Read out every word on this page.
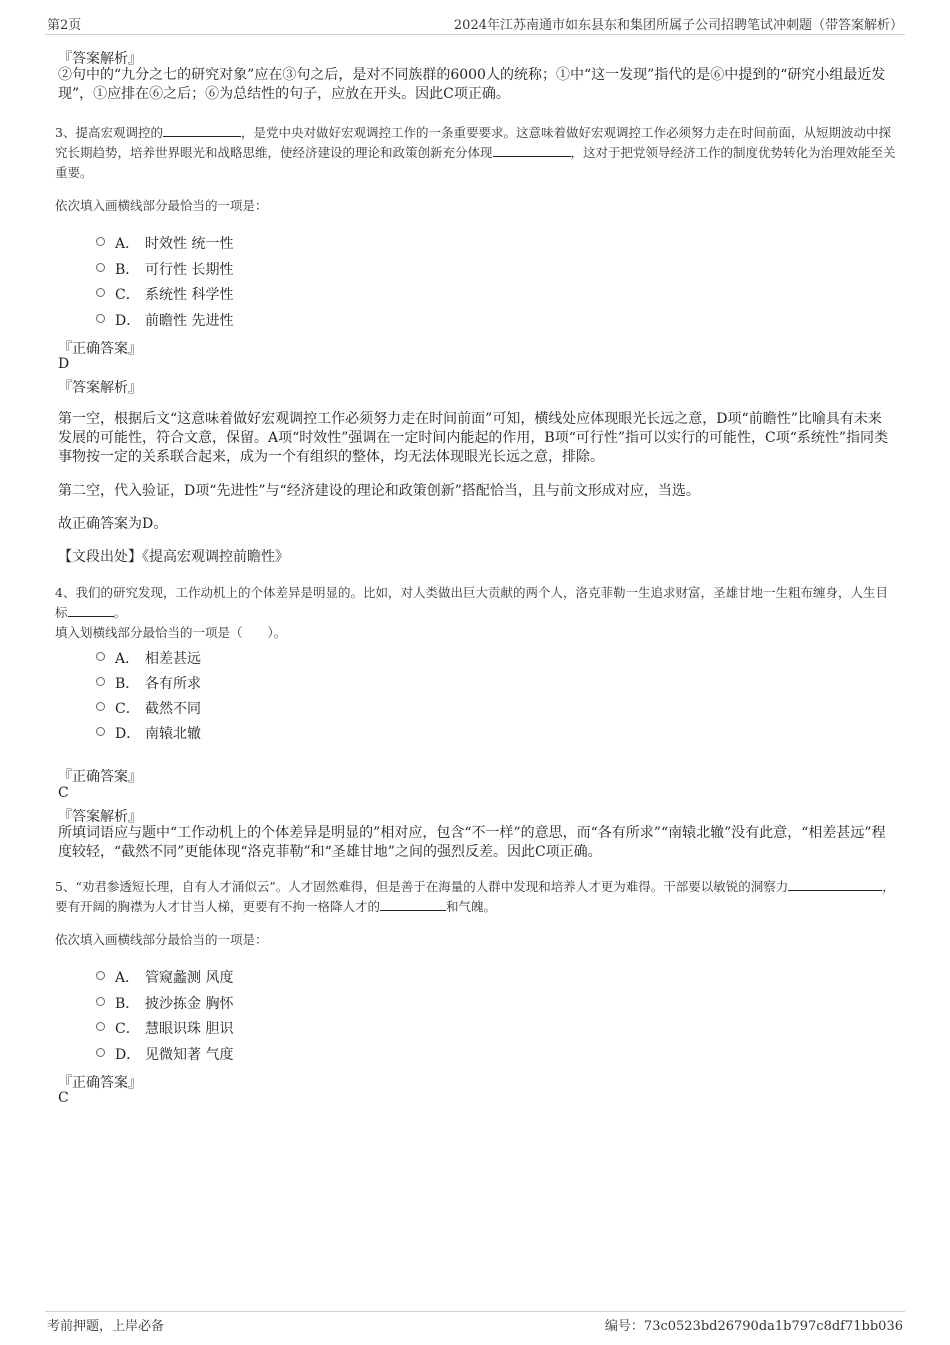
第2页	2024年江苏南通市如东县东和集团所属子公司招聘笔试冲刺题（带答案解析）
『答案解析』
②句中的“九分之七的研究对象”应在③句之后，是对不同族群的6000人的统称；①中“这一发现”指代的是⑥中提到的“研究小组最近发现”，①应排在⑥之后；⑥为总结性的句子，应放在开头。因此C项正确。
3、提高宏观调控的	，是党中央对做好宏观调控工作的一条重要要求。这意味着做好宏观调控工作必须努力走在时间前面，从短期波动中探究长期趋势，培养世界眼光和战略思维，使经济建设的理论和政策创新充分体现	，这对于把党领导经济工作的制度优势转化为治理效能至关重要。
依次填入画横线部分最恰当的一项是：
A． 时效性 统一性
B． 可行性 长期性
C． 系统性 科学性
D． 前瞻性 先进性
『正确答案』
D
『答案解析』
第一空，根据后文“这意味着做好宏观调控工作必须努力走在时间前面”可知，横线处应体现眼光长远之意，D项“前瞻性”比喻具有未来发展的可能性，符合文意，保留。A项“时效性”强调在一定时间内能起的作用，B项“可行性”指可以实行的可能性，C项“系统性”指同类事物按一定的关系联合起来，成为一个有组织的整体，均无法体现眼光长远之意，排除。
第二空，代入验证，D项“先进性”与“经济建设的理论和政策创新”搭配恰当，且与前文形成对应，当选。
故正确答案为D。
【文段出处】《提高宏观调控前瞻性》
4、我们的研究发现，工作动机上的个体差异是明显的。比如，对人类做出巨大贡献的两个人，洛克菲勒一生追求财富，圣雄甘地一生粗布缠身，人生目标	。
填入划横线部分最恰当的一项是（　　）。
A． 相差甚远
B． 各有所求
C． 截然不同
D． 南辕北辙
『正确答案』
C
『答案解析』
所填词语应与题中“工作动机上的个体差异是明显的”相对应，包含“不一样”的意思，而“各有所求”“南辕北辙”没有此意，“相差甚远”程度较轻，“截然不同”更能体现“洛克菲勒”和“圣雄甘地”之间的强烈反差。因此C项正确。
5、“劝君参透短长理，自有人才涌似云”。人才固然难得，但是善于在海量的人群中发现和培养人才更为难得。干部要以敏锐的洞察力	，要有开阔的胸襟为人才甘当人梯，更要有不拘一格降人才的	和气魄。
依次填入画横线部分最恰当的一项是：
A． 管窥蠡测 风度
B． 披沙拣金 胸怀
C． 慧眼识珠 胆识
D． 见微知著 气度
『正确答案』
C
考前押题，上岸必备	编号：73c0523bd26790da1b797c8df71bb036
